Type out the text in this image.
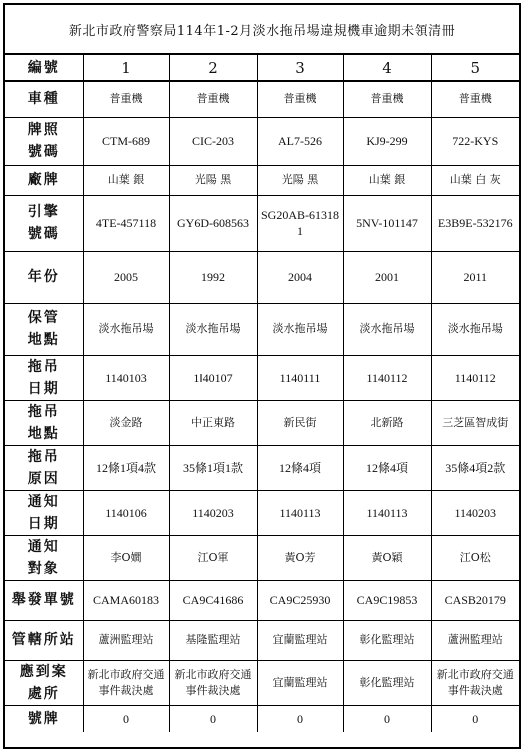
新北市政府警察局114年1-2月淡水拖吊場違規機車逾期未領清冊
編號	1	2	3	4	5
車種	普重機	普重機	普重機	普重機	普重機

牌照
號碼	CTM-689	CIC-203	AL7-526	KJ9-299	722-KYS

廠牌	山葉 銀	光陽 黑	光陽 黑	山葉 銀	山葉 白 灰

引擎
號碼	4TE-457118	GY6D-608563	SG20AB-613181	5NV-101147	E3B9E-532176

年份	2005	1992	2004	2001	2011

保管
地點	淡水拖吊場	淡水拖吊場	淡水拖吊場	淡水拖吊場	淡水拖吊場

拖吊
日期	1140103	1‖40107	1140111	1140112	1140112

拖吊
地點	淡金路	中正東路	新民街	北新路	三芝區智成街

拖吊
原因	12條1項4款	35條1項1款	12條4項	12條4項	35條4項2款

通知
日期	1140106	1140203	1140113	1140113	1140203

通知
對象	李O嫺	江O軍	黃O芳	黃O穎	江O松

舉發單號	CAMA60183	CA9C41686	CA9C25930	CA9C19853	CASB20179

管轄所站	蘆洲監理站	基隆監理站	宜蘭監理站	彰化監理站	蘆洲監理站

應到案
處所	新北市政府交通事件裁決處	新北市政府交通事件裁決處	宜蘭監理站	彰化監理站	新北市政府交通事件裁決處

號牌	0	0	0	0	0
